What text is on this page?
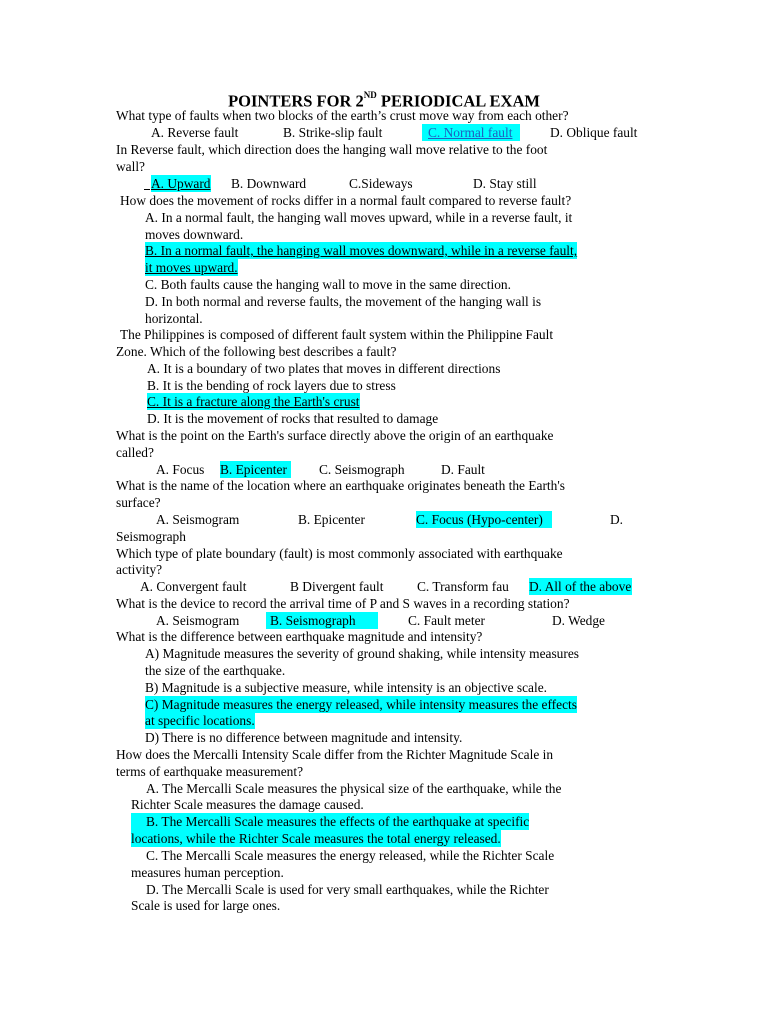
POINTERS FOR 2ND PERIODICAL EXAM
What type of faults when two blocks of the earth’s crust move way from each other?
A. Reverse fault	B. Strike-slip fault	C. Normal fault	D. Oblique fault
In Reverse fault, which direction does the hanging wall move relative to the foot
wall?
A. Upward B. Downward	C.Sideways	D. Stay still
How does the movement of rocks differ in a normal fault compared to reverse fault?
A. In a normal fault, the hanging wall moves upward, while in a reverse fault, it
moves downward.
B. In a normal fault, the hanging wall moves downward, while in a reverse fault,
it moves upward.
C. Both faults cause the hanging wall to move in the same direction.
D. In both normal and reverse faults, the movement of the hanging wall is
horizontal.
The Philippines is composed of different fault system within the Philippine Fault
Zone. Which of the following best describes a fault?
A. It is a boundary of two plates that moves in different directions
B. It is the bending of rock layers due to stress
C. It is a fracture along the Earth's crust
D. It is the movement of rocks that resulted to damage
What is the point on the Earth's surface directly above the origin of an earthquake
called?
A. Focus B. Epicenter C. Seismograph	D. Fault
What is the name of the location where an earthquake originates beneath the Earth's
surface?
A. Seismogram	B. Epicenter	C. Focus (Hypo-center)	D.
Seismograph
Which type of plate boundary (fault) is most commonly associated with earthquake
activity?
A. Convergent fault	B Divergent fault	C. Transform fau D. All of the above
What is the device to record the arrival time of P and S waves in a recording station?
A. Seismogram B. Seismograph	C. Fault meter	D. Wedge
What is the difference between earthquake magnitude and intensity?
A) Magnitude measures the severity of ground shaking, while intensity measures
the size of the earthquake.
B) Magnitude is a subjective measure, while intensity is an objective scale.
C) Magnitude measures the energy released, while intensity measures the effects
at specific locations.
D) There is no difference between magnitude and intensity.
How does the Mercalli Intensity Scale differ from the Richter Magnitude Scale in
terms of earthquake measurement?
A. The Mercalli Scale measures the physical size of the earthquake, while the
Richter Scale measures the damage caused.
B. The Mercalli Scale measures the effects of the earthquake at specific
locations, while the Richter Scale measures the total energy released.
C. The Mercalli Scale measures the energy released, while the Richter Scale
measures human perception.
D. The Mercalli Scale is used for very small earthquakes, while the Richter
Scale is used for large ones.
